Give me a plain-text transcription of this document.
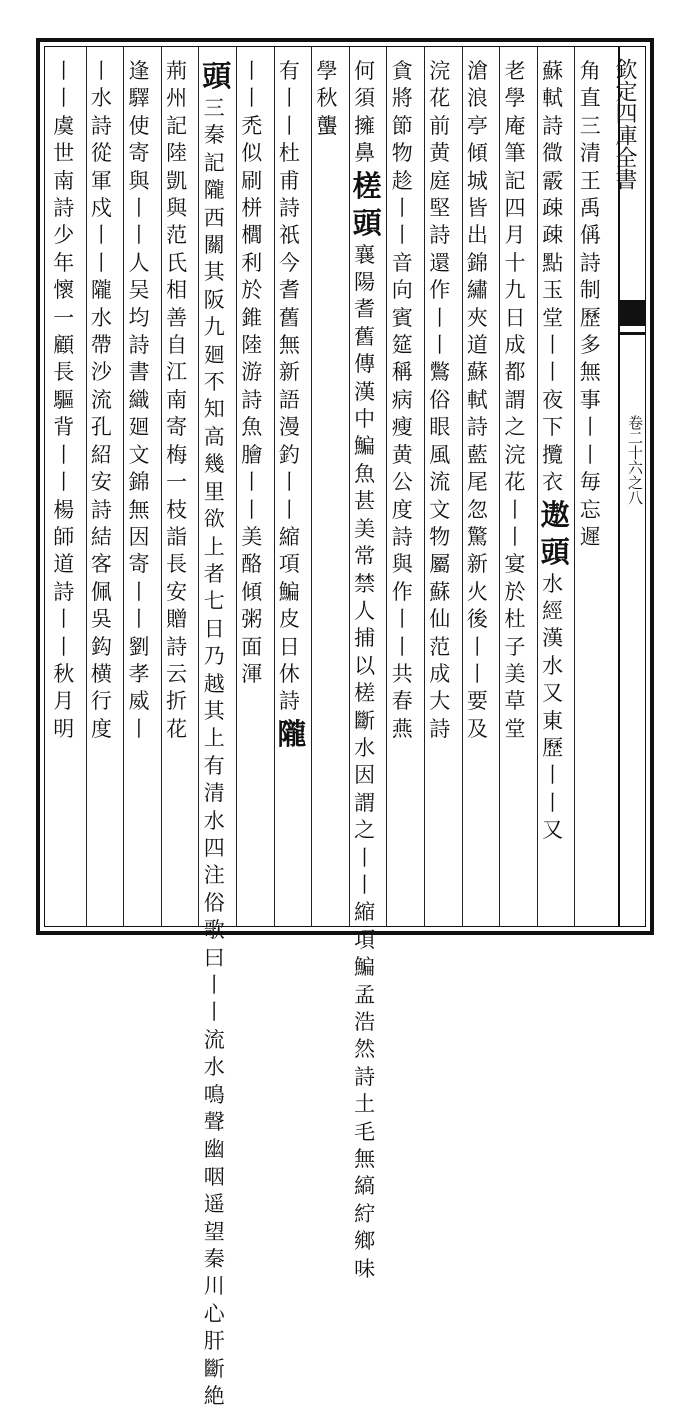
欽定四庫全書
卷二十六之八
角直三清王禹偁詩制歷多無事丨丨毎忘遲
蘇軾詩㣲霰疎疎點玉堂丨丨夜下攬衣
遨頭
水經漢水又東歷丨丨又
老學庵筆記四月十九日成都謂之浣花丨丨宴於杜子美草堂
滄浪亭傾城皆出錦繡夾道蘇軾詩藍尾忽驚新火後丨丨要及
浣花前黄庭堅詩還作丨丨鷩俗眼風流文物屬蘇仙范成大詩
貪將節物趁丨丨音向賓筵稱病瘦黄公度詩與作丨丨共春燕
何須擁鼻
槎頭
襄陽耆舊傳漢中鯿魚甚美常禁人捕以槎斷水因謂之丨丨縮項鯿孟浩然詩土毛無縞紵鄉味
學秋蠪
有丨丨杜甫詩祇今耆舊無新語漫釣丨丨縮項鯿皮日休詩
隴
丨丨禿似刷栟櫚利於錐陸游詩魚膾丨丨美酪傾粥面渾
頭
三秦記隴西關其阪九廻不知高幾里欲上者七日乃越其上有清水四注俗歌曰丨丨流水鳴聲幽咽遥望秦川心肝斷絶
荊州記陸凱與范氏相善自江南寄梅一枝詣長安贈詩云折花
逢驛使寄與丨丨人吴均詩書織廻文錦無因寄丨丨劉孝威丨
丨水詩從軍戍丨丨隴水帶沙流孔紹安詩結客佩吳鈎横行度
丨丨虞世南詩少年懷一顧長驅背丨丨楊師道詩丨丨秋月明
